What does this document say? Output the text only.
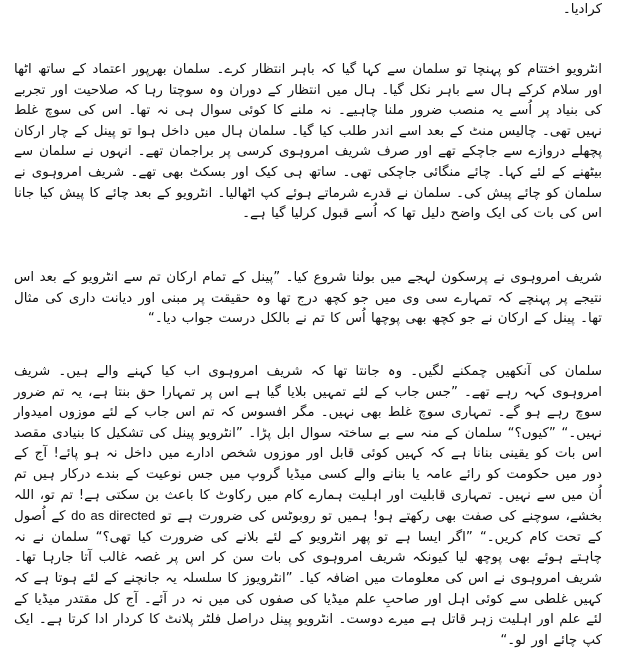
کرادیا۔

انٹرویو اختتام کو پہنچا تو سلمان سے کہا گیا کہ باہر انتظار کرے۔ سلمان بھرپور اعتماد کے ساتھ اٹھا اور سلام کرکے ہال سے باہر نکل گیا۔ ہال میں انتظار کے دوران وہ سوچتا رہا کہ صلاحیت اور تجربے کی بنیاد پر اُسے یہ منصب ضرور ملنا چاہیے۔ نہ ملنے کا کوئی سوال ہی نہ تھا۔ اس کی سوچ غلط نہیں تھی۔ چالیس منٹ کے بعد اسے اندر طلب کیا گیا۔ سلمان ہال میں داخل ہوا تو پینل کے چار ارکان پچھلے دروازے سے جاچکے تھے اور صرف شریف امروہوی کرسی پر براجمان تھے۔ انہوں نے سلمان سے بیٹھنے کے لئے کہا۔ چائے منگائی جاچکی تھی۔ ساتھ ہی کیک اور بسکٹ بھی تھے۔ شریف امروہوی نے سلمان کو چائے پیش کی۔ سلمان نے قدرے شرماتے ہوئے کپ اٹھالیا۔ انٹرویو کے بعد چائے کا پیش کیا جانا اس کی بات کی ایک واضح دلیل تھا کہ اُسے قبول کرلیا گیا ہے۔

شریف امروہوی نے پرسکون لہجے میں بولنا شروع کیا۔ ”پینل کے تمام ارکان تم سے انٹرویو کے بعد اس نتیجے پر پہنچے کہ تمہارے سی وی میں جو کچھ درج تھا وہ حقیقت پر مبنی اور دیانت داری کی مثال تھا۔ پینل کے ارکان نے جو کچھ بھی پوچھا اُس کا تم نے بالکل درست جواب دیا۔“

سلمان کی آنکھیں چمکنے لگیں۔ وہ جانتا تھا کہ شریف امروہوی اب کیا کہنے والے ہیں۔ شریف امروہوی کہہ رہے تھے۔ ”جس جاب کے لئے تمہیں بلایا گیا ہے اس پر تمہارا حق بنتا ہے، یہ تم ضرور سوچ رہے ہو گے۔ تمہاری سوچ غلط بھی نہیں۔ مگر افسوس کہ تم اس جاب کے لئے موزوں امیدوار نہیں۔“ ”کیوں؟“ سلمان کے منہ سے بے ساختہ سوال ابل پڑا۔ ”انٹرویو پینل کی تشکیل کا بنیادی مقصد اس بات کو یقینی بنانا ہے کہ کہیں کوئی قابل اور موزوں شخص ادارے میں داخل نہ ہو پائے! آج کے دور میں حکومت کو رائے عامہ یا بنانے والے کسی میڈیا گروپ میں جس نوعیت کے بندے درکار ہیں تم اُن میں سے نہیں۔ تمہاری قابلیت اور اہلیت ہمارے کام میں رکاوٹ کا باعث بن سکتی ہے! تم تو، اللہ بخشے، سوچنے کی صفت بھی رکھتے ہو! ہمیں تو روبوٹس کی ضرورت ہے تو do as directed کے اُصول کے تحت کام کریں۔“ ”اگر ایسا ہے تو پھر انٹرویو کے لئے بلانے کی ضرورت کیا تھی؟“ سلمان نے نہ چاہتے ہوئے بھی پوچھ لیا کیونکہ شریف امروہوی کی بات سن کر اس پر غصہ غالب آتا جارہا تھا۔ شریف امروہوی نے اس کی معلومات میں اضافہ کیا۔ ”انٹرویوز کا سلسلہ یہ جانچنے کے لئے ہوتا ہے کہ کہیں غلطی سے کوئی اہل اور صاحبِ علم میڈیا کی صفوں کی میں نہ در آئے۔ آج کل مقتدر میڈیا کے لئے علم اور اہلیت زہر قاتل ہے میرے دوست۔ انٹرویو پینل دراصل فلٹر پلانٹ کا کردار ادا کرتا ہے۔ ایک کپ چائے اور لو۔“
